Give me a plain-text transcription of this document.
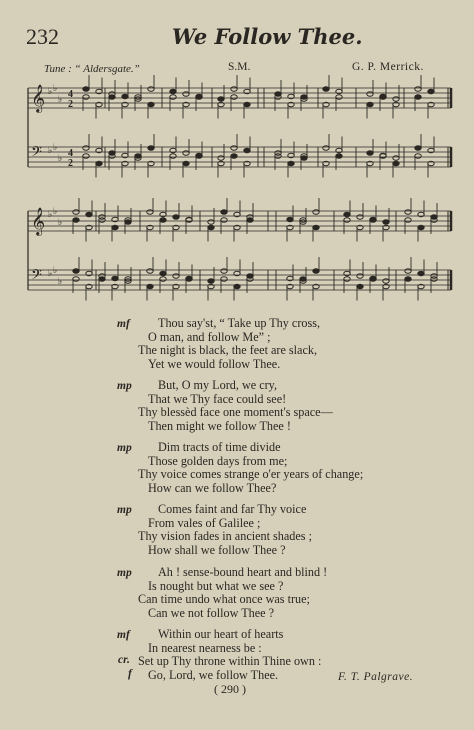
232	We Follow Thee.
Tune : “ Aldersgate.”	S.M.	G. P. Merrick.
𝄞 ♭ ♭
♭ 4
2
𝄢 ♭ ♭
♭ 4
2
𝄞 ♭ ♭
♭
𝄢 ♭ ♭
♭
mf Thou say'st, “ Take up Thy cross,
O man, and follow Me” ;
The night is black, the feet are slack,
Yet we would follow Thee.
mp But, O my Lord, we cry,
That we Thy face could see!
Thy blessèd face one moment's space—
Then might we follow Thee !
mp Dim tracts of time divide
Those golden days from me;
Thy voice comes strange o'er years of change;
How can we follow Thee?
mp Comes faint and far Thy voice
From vales of Galilee ;
Thy vision fades in ancient shades ;
How shall we follow Thee ?
mp Ah ! sense-bound heart and blind !
Is nought but what we see ?
Can time undo what once was true;
Can we not follow Thee ?
mf Within our heart of hearts
In nearest nearness be :
Set up Thy throne within Thine own :
Go, Lord, we follow Thee.
cr.
f	F. T. Palgrave.
( 290 )
